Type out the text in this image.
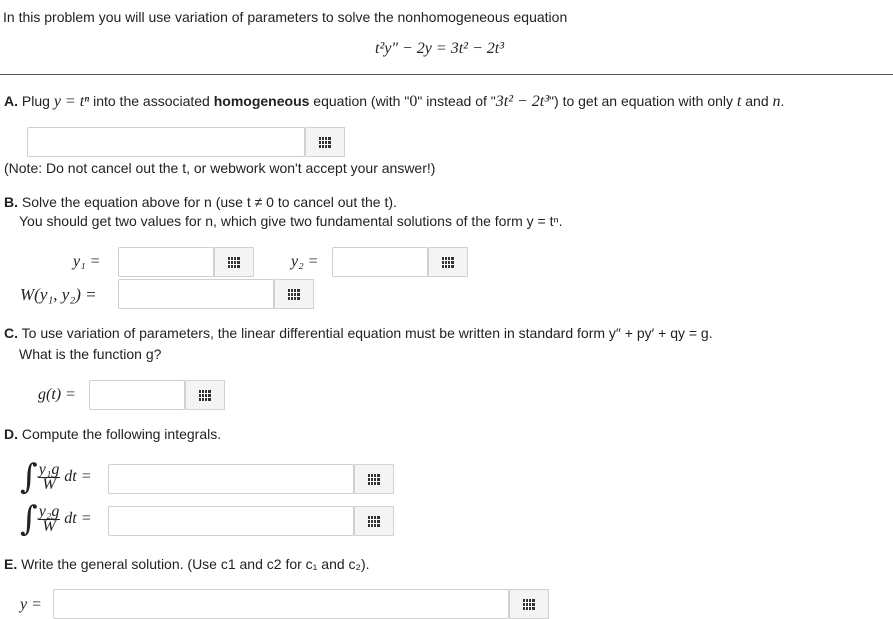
In this problem you will use variation of parameters to solve the nonhomogeneous equation
t²y″ − 2y = 3t² − 2t³
A. Plug y = tⁿ into the associated homogeneous equation (with "0" instead of "3t² − 2t³") to get an equation with only t and n.
(Note: Do not cancel out the t, or webwork won't accept your answer!)
B. Solve the equation above for n (use t ≠ 0 to cancel out the t).
You should get two values for n, which give two fundamental solutions of the form y = tⁿ.
y₁ =	y₂ =
W(y₁, y₂) =
C. To use variation of parameters, the linear differential equation must be written in standard form y″ + py′ + qy = g.
What is the function g?
g(t) =
D. Compute the following integrals.
∫ $\frac{\text{y₁g}}{W}$ dt =
∫ $\frac{\text{y₂g}}{W}$ dt =
E. Write the general solution. (Use c1 and c2 for c₁ and c₂).
y =
